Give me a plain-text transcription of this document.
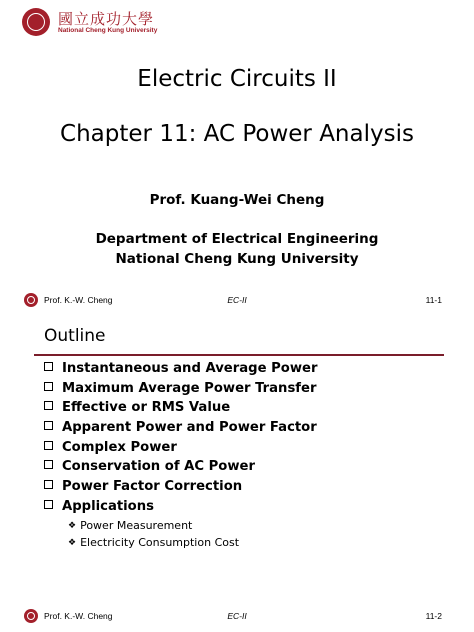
國立成功大學
National Cheng Kung University
Electric Circuits II
Chapter 11: AC Power Analysis
Prof. Kuang-Wei Cheng
Department of Electrical Engineering
National Cheng Kung University
Prof. K.-W. Cheng	EC-II	11-1
Outline
Instantaneous and Average Power
Maximum Average Power Transfer
Effective or RMS Value
Apparent Power and Power Factor
Complex Power
Conservation of AC Power
Power Factor Correction
Applications
❖ Power Measurement
❖ Electricity Consumption Cost
Prof. K.-W. Cheng	EC-II	11-2
